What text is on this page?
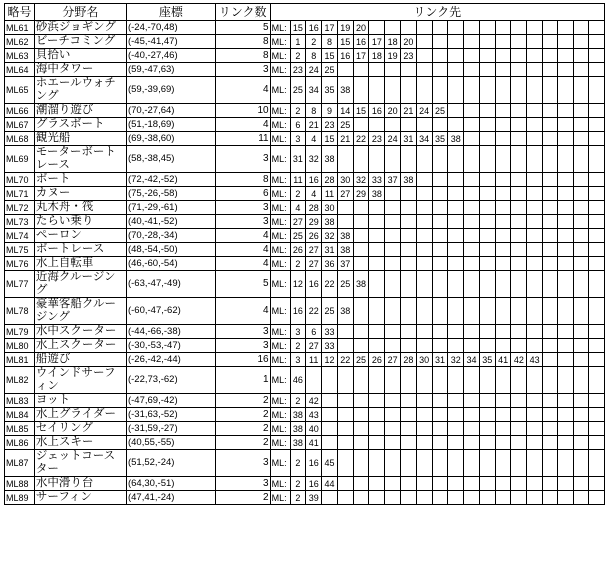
略号	分野名	座標	リンク数	リンク先																				
ML61	砂浜ジョギング	(-24,-70,48)	5	ML:	15	16	17	19	20															
ML62	ビーチコミング	(-45,-41,47)	8	ML:	1	2	8	15	16	17	18	20												
ML63	貝拾い	(-40,-27,46)	8	ML:	2	8	15	16	17	18	19	23												
ML64	海中タワー	(59,-47,63)	3	ML:	23	24	25																	
ML65	ホエールウォチング	(59,-39,69)	4	ML:	25	34	35	38																
ML66	潮溜り遊び	(70,-27,64)	10	ML:	2	8	9	14	15	16	20	21	24	25										
ML67	グラスボート	(51,-18,69)	4	ML:	6	21	23	25																
ML68	観光船	(69,-38,60)	11	ML:	3	4	15	21	22	23	24	31	34	35	38									
ML69	モーターボートレース	(58,-38,45)	3	ML:	31	32	38																	
ML70	ボート	(72,-42,-52)	8	ML:	11	16	28	30	32	33	37	38												
ML71	カヌー	(75,-26,-58)	6	ML:	2	4	11	27	29	38														
ML72	丸木舟・筏	(71,-29,-61)	3	ML:	4	28	30																	
ML73	たらい乗り	(40,-41,-52)	3	ML:	27	29	38																	
ML74	ペーロン	(70,-28,-34)	4	ML:	25	26	32	38																
ML75	ボートレース	(48,-54,-50)	4	ML:	26	27	31	38																
ML76	水上自転車	(46,-60,-54)	4	ML:	2	27	36	37																
ML77	近海クルージング	(-63,-47,-49)	5	ML:	12	16	22	25	38															
ML78	豪華客船クルージング	(-60,-47,-62)	4	ML:	16	22	25	38																
ML79	水中スクーター	(-44,-66,-38)	3	ML:	3	6	33																	
ML80	水上スクーター	(-30,-53,-47)	3	ML:	2	27	33																	
ML81	船遊び	(-26,-42,-44)	16	ML:	3	11	12	22	25	26	27	28	30	31	32	34	35	41	42	43				
ML82	ウインドサーフィン	(-22,73,-62)	1	ML:	46																			
ML83	ヨット	(-47,69,-42)	2	ML:	2	42																		
ML84	水上グライダー	(-31,63,-52)	2	ML:	38	43																		
ML85	セイリング	(-31,59,-27)	2	ML:	38	40																		
ML86	水上スキー	(40,55,-55)	2	ML:	38	41																		
ML87	ジェットコースター	(51,52,-24)	3	ML:	2	16	45																	
ML88	水中滑り台	(64,30,-51)	3	ML:	2	16	44																	
ML89	サーフィン	(47,41,-24)	2	ML:	2	39																		
